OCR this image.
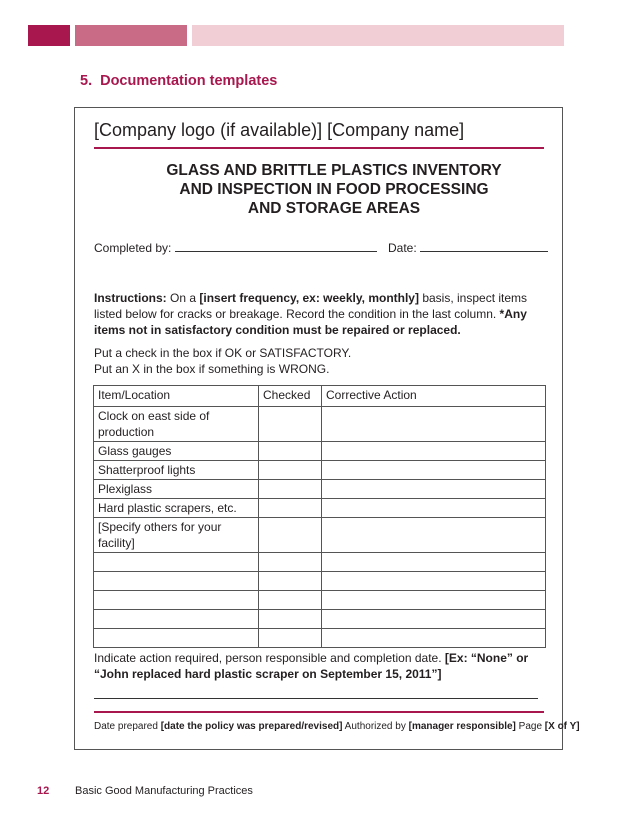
5. Documentation templates
[Company logo (if available)] [Company name]
GLASS AND BRITTLE PLASTICS INVENTORY
AND INSPECTION IN FOOD PROCESSING
AND STORAGE AREAS
Completed by:	Date:

Instructions: On a [insert frequency, ex: weekly, monthly] basis, inspect items listed below for cracks or breakage. Record the condition in the last column. *Any items not in satisfactory condition must be repaired or replaced.

Put a check in the box if OK or SATISFACTORY.
Put an X in the box if something is WRONG.
Item/Location	Checked	Corrective Action
Clock on east side of production		
Glass gauges		
Shatterproof lights		
Plexiglass		
Hard plastic scrapers, etc.		
[Specify others for your facility]		

Indicate action required, person responsible and completion date. [Ex: “None” or “John replaced hard plastic scraper on September 15, 2011”]

Date prepared [date the policy was prepared/revised] Authorized by [manager responsible] Page [X of Y]
12 Basic Good Manufacturing Practices
